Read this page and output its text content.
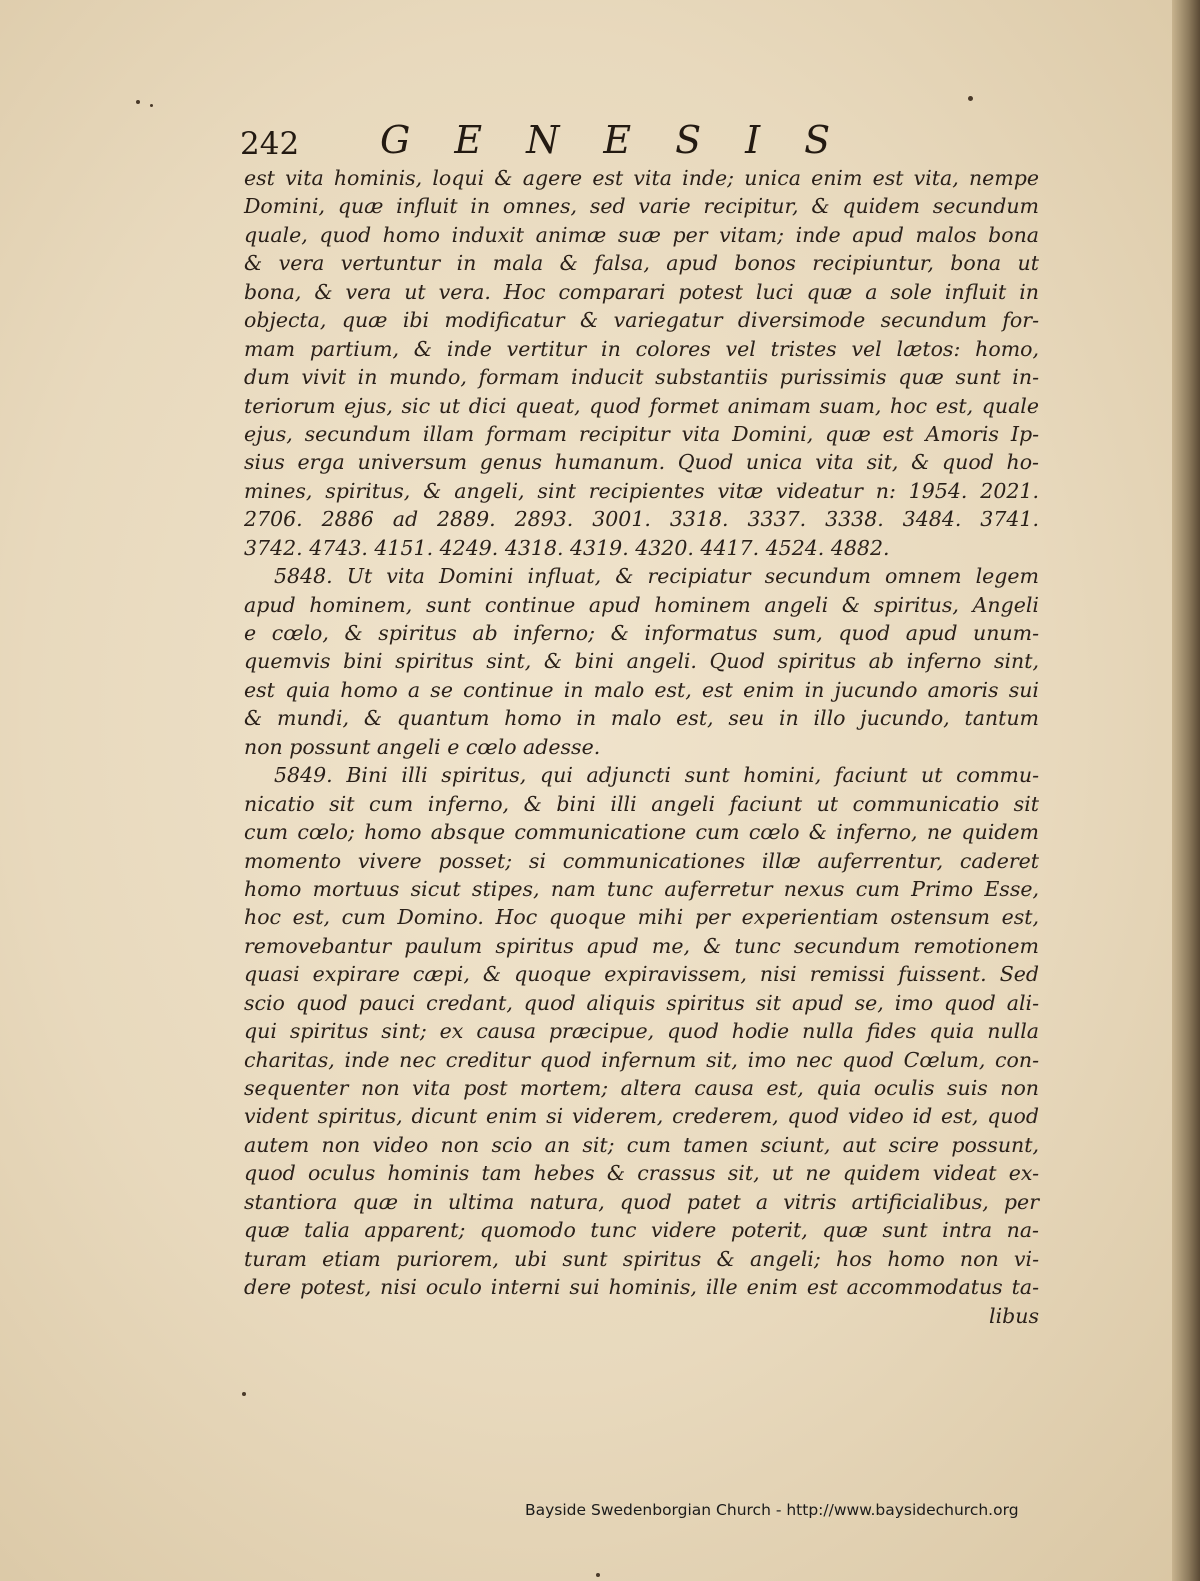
242 GENESIS
est vita hominis, loqui & agere est vita inde; unica enim est vita, nempe
Domini, quæ influit in omnes, sed varie recipitur, & quidem secundum
quale, quod homo induxit animæ suæ per vitam; inde apud malos bona
& vera vertuntur in mala & falsa, apud bonos recipiuntur, bona ut
bona, & vera ut vera. Hoc comparari potest luci quæ a sole influit in
objecta, quæ ibi modificatur & variegatur diversimode secundum for-
mam partium, & inde vertitur in colores vel tristes vel lætos: homo,
dum vivit in mundo, formam inducit substantiis purissimis quæ sunt in-
teriorum ejus, sic ut dici queat, quod formet animam suam, hoc est, quale
ejus, secundum illam formam recipitur vita Domini, quæ est Amoris Ip-
sius erga universum genus humanum. Quod unica vita sit, & quod ho-
mines, spiritus, & angeli, sint recipientes vitæ videatur n: 1954. 2021.
2706. 2886 ad 2889. 2893. 3001. 3318. 3337. 3338. 3484. 3741.
3742. 4743. 4151. 4249. 4318. 4319. 4320. 4417. 4524. 4882.
5848. Ut vita Domini influat, & recipiatur secundum omnem legem
apud hominem, sunt continue apud hominem angeli & spiritus, Angeli
e cœlo, & spiritus ab inferno; & informatus sum, quod apud unum-
quemvis bini spiritus sint, & bini angeli. Quod spiritus ab inferno sint,
est quia homo a se continue in malo est, est enim in jucundo amoris sui
& mundi, & quantum homo in malo est, seu in illo jucundo, tantum
non possunt angeli e cœlo adesse.
5849. Bini illi spiritus, qui adjuncti sunt homini, faciunt ut commu-
nicatio sit cum inferno, & bini illi angeli faciunt ut communicatio sit
cum cœlo; homo absque communicatione cum cœlo & inferno, ne quidem
momento vivere posset; si communicationes illæ auferrentur, caderet
homo mortuus sicut stipes, nam tunc auferretur nexus cum Primo Esse,
hoc est, cum Domino. Hoc quoque mihi per experientiam ostensum est,
removebantur paulum spiritus apud me, & tunc secundum remotionem
quasi expirare cæpi, & quoque expiravissem, nisi remissi fuissent. Sed
scio quod pauci credant, quod aliquis spiritus sit apud se, imo quod ali-
qui spiritus sint; ex causa præcipue, quod hodie nulla fides quia nulla
charitas, inde nec creditur quod infernum sit, imo nec quod Cœlum, con-
sequenter non vita post mortem; altera causa est, quia oculis suis non
vident spiritus, dicunt enim si viderem, crederem, quod video id est, quod
autem non video non scio an sit; cum tamen sciunt, aut scire possunt,
quod oculus hominis tam hebes & crassus sit, ut ne quidem videat ex-
stantiora quæ in ultima natura, quod patet a vitris artificialibus, per
quæ talia apparent; quomodo tunc videre poterit, quæ sunt intra na-
turam etiam puriorem, ubi sunt spiritus & angeli; hos homo non vi-
dere potest, nisi oculo interni sui hominis, ille enim est accommodatus ta-
libus
Bayside Swedenborgian Church - http://www.baysidechurch.org
